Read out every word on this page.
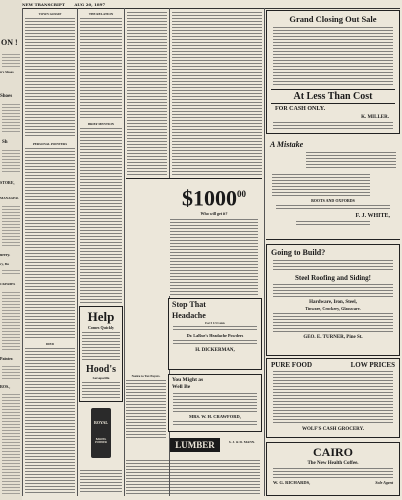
NEW TRANSCRIPT AUG 20, 1897
ON !
n's Shoes
Shoes
Sh
STORE,
MANAGER.
urery.
ry, Bu
CKERIES
Painter.
ROS.,
TOWN GOSSIP
PERSONAL POINTERS
DIED
THE RELATION
BRIEF MENTION
Help
Comes Quickly
Hood's
Sarsaparilla
ROYAL
BAKING POWDER
$1000$^{00}$
Who will get it?
Stop That
Headache
For 5 1/3 Cents
Dr. LaRue's Headache Powders
H. DICKERMAN,
Notice to Tax Payers.
You Might as Well Be
MRS. W. H. CRAWFORD,
LUMBER	S. J. & D. MANN.
Grand Closing Out Sale
At Less Than Cost
FOR CASH ONLY.
K. MILLER.
A Mistake
BOOTS AND OXFORDS
F. J. WHITE,
Going to Build?
Steel Roofing and Siding!
Hardware, Iron, Steel,
Tinware, Crockery, Glassware.
GEO. E. TURNER, Pine St.
PURE FOOD	LOW PRICES
WOLF'S CASH GROCERY.
CAIRO
The New Health Coffee.
W. G. RICHARDS,	Sole Agent
